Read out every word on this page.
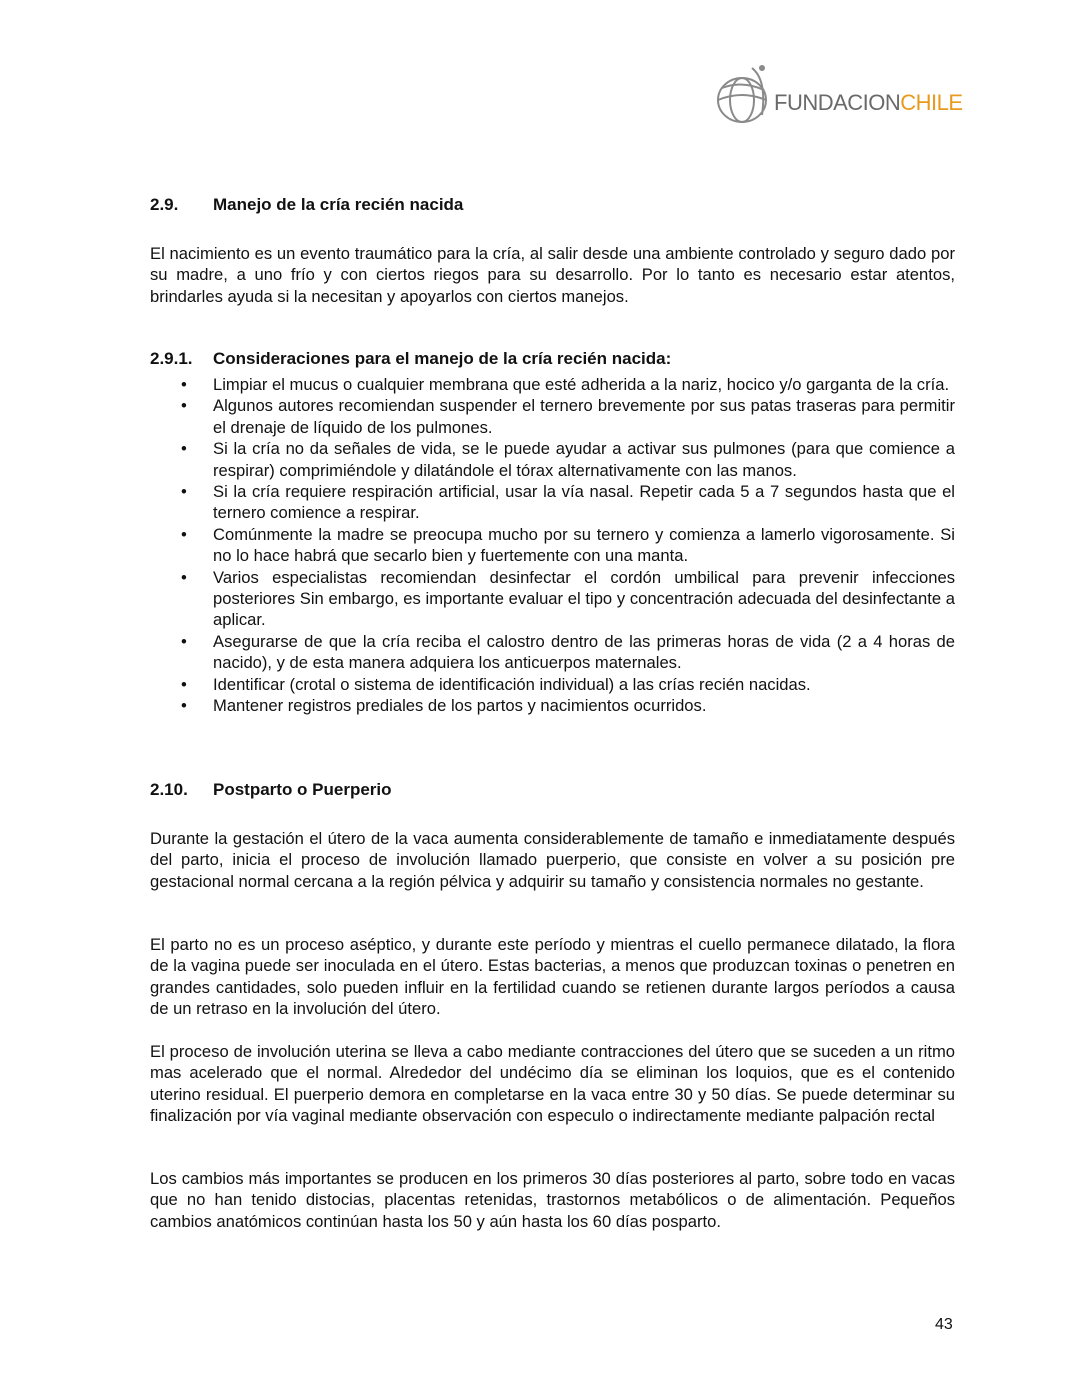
FUNDACIONCHILE
2.9. Manejo de la cría recién nacida

El nacimiento es un evento traumático para la cría, al salir desde una ambiente controlado y seguro dado por su madre, a uno frío y con ciertos riegos para su desarrollo. Por lo tanto es necesario estar atentos, brindarles ayuda si la necesitan y apoyarlos con ciertos manejos.

2.9.1. Consideraciones para el manejo de la cría recién nacida:
• Limpiar el mucus o cualquier membrana que esté adherida a la nariz, hocico y/o garganta de la cría.
• Algunos autores recomiendan suspender el ternero brevemente por sus patas traseras para permitir el drenaje de líquido de los pulmones.
• Si la cría no da señales de vida, se le puede ayudar a activar sus pulmones (para que comience a respirar) comprimiéndole y dilatándole el tórax alternativamente con las manos.
• Si la cría requiere respiración artificial, usar la vía nasal. Repetir cada 5 a 7 segundos hasta que el ternero comience a respirar.
• Comúnmente la madre se preocupa mucho por su ternero y comienza a lamerlo vigorosamente. Si no lo hace habrá que secarlo bien y fuertemente con una manta.
• Varios especialistas recomiendan desinfectar el cordón umbilical para prevenir infecciones posteriores Sin embargo, es importante evaluar el tipo y concentración adecuada del desinfectante a aplicar.
• Asegurarse de que la cría reciba el calostro dentro de las primeras horas de vida (2 a 4 horas de nacido), y de esta manera adquiera los anticuerpos maternales.
• Identificar (crotal o sistema de identificación individual) a las crías recién nacidas.
• Mantener registros prediales de los partos y nacimientos ocurridos.
2.10. Postparto o Puerperio

Durante la gestación el útero de la vaca aumenta considerablemente de tamaño e inmediatamente después del parto, inicia el proceso de involución llamado puerperio, que consiste en volver a su posición pre gestacional normal cercana a la región pélvica y adquirir su tamaño y consistencia normales no gestante.

El parto no es un proceso aséptico, y durante este período y mientras el cuello permanece dilatado, la flora de la vagina puede ser inoculada en el útero. Estas bacterias, a menos que produzcan toxinas o penetren en grandes cantidades, solo pueden influir en la fertilidad cuando se retienen durante largos períodos a causa de un retraso en la involución del útero.

El proceso de involución uterina se lleva a cabo mediante contracciones del útero que se suceden a un ritmo mas acelerado que el normal. Alrededor del undécimo día se eliminan los loquios, que es el contenido uterino residual. El puerperio demora en completarse en la vaca entre 30 y 50 días. Se puede determinar su finalización por vía vaginal mediante observación con especulo o indirectamente mediante palpación rectal

Los cambios más importantes se producen en los primeros 30 días posteriores al parto, sobre todo en vacas que no han tenido distocias, placentas retenidas, trastornos metabólicos o de alimentación. Pequeños cambios anatómicos continúan hasta los 50 y aún hasta los 60 días posparto.

43
